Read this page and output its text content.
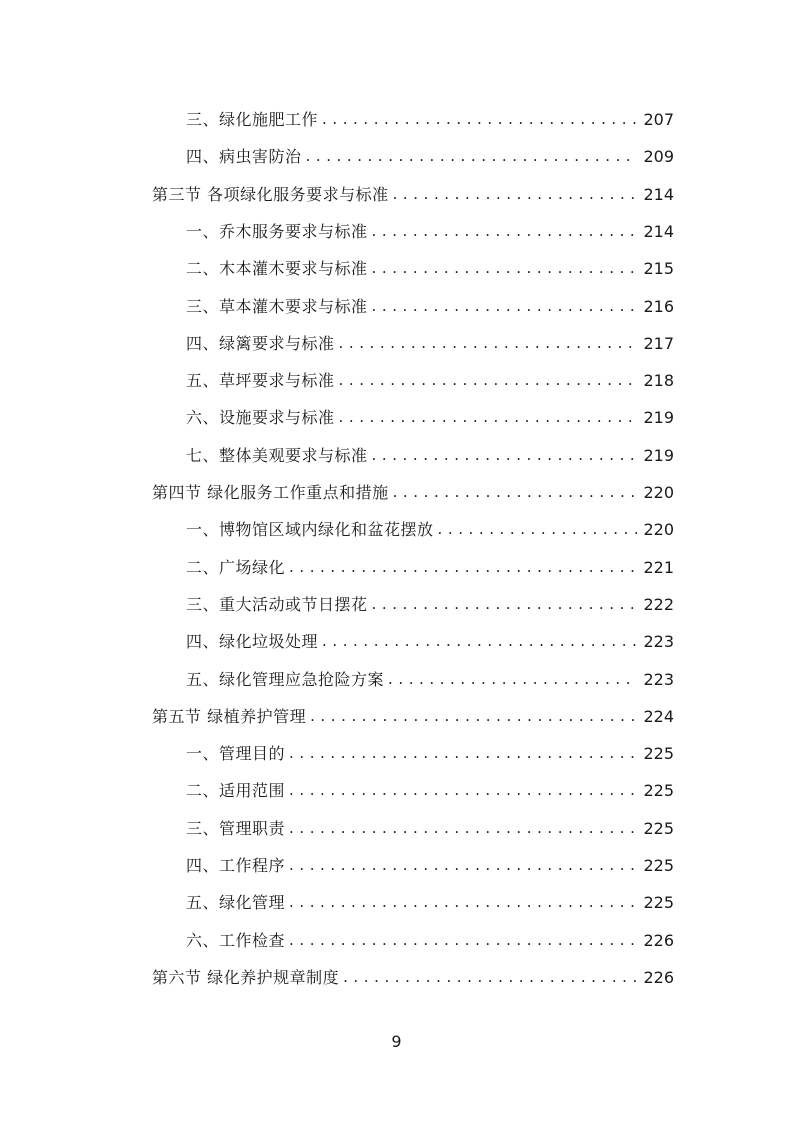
三、绿化施肥工作 . . .	207
四、病虫害防治 . . .	209
第三节 各项绿化服务要求与标准 . . .	214
一、乔木服务要求与标准 . . .	214
二、木本灌木要求与标准 . . .	215
三、草本灌木要求与标准 . . .	216
四、绿篱要求与标准 . . .	217
五、草坪要求与标准 . . .	218
六、设施要求与标准 . . .	219
七、整体美观要求与标准 . . .	219
第四节 绿化服务工作重点和措施 . . .	220
一、博物馆区域内绿化和盆花摆放 . . .	220
二、广场绿化 . . .	221
三、重大活动或节日摆花 . . .	222
四、绿化垃圾处理 . . .	223
五、绿化管理应急抢险方案 . . .	223
第五节 绿植养护管理 . . .	224
一、管理目的 . . .	225
二、适用范围 . . .	225
三、管理职责 . . .	225
四、工作程序 . . .	225
五、绿化管理 . . .	225
六、工作检查 . . .	226
第六节 绿化养护规章制度 . . .	226
9
